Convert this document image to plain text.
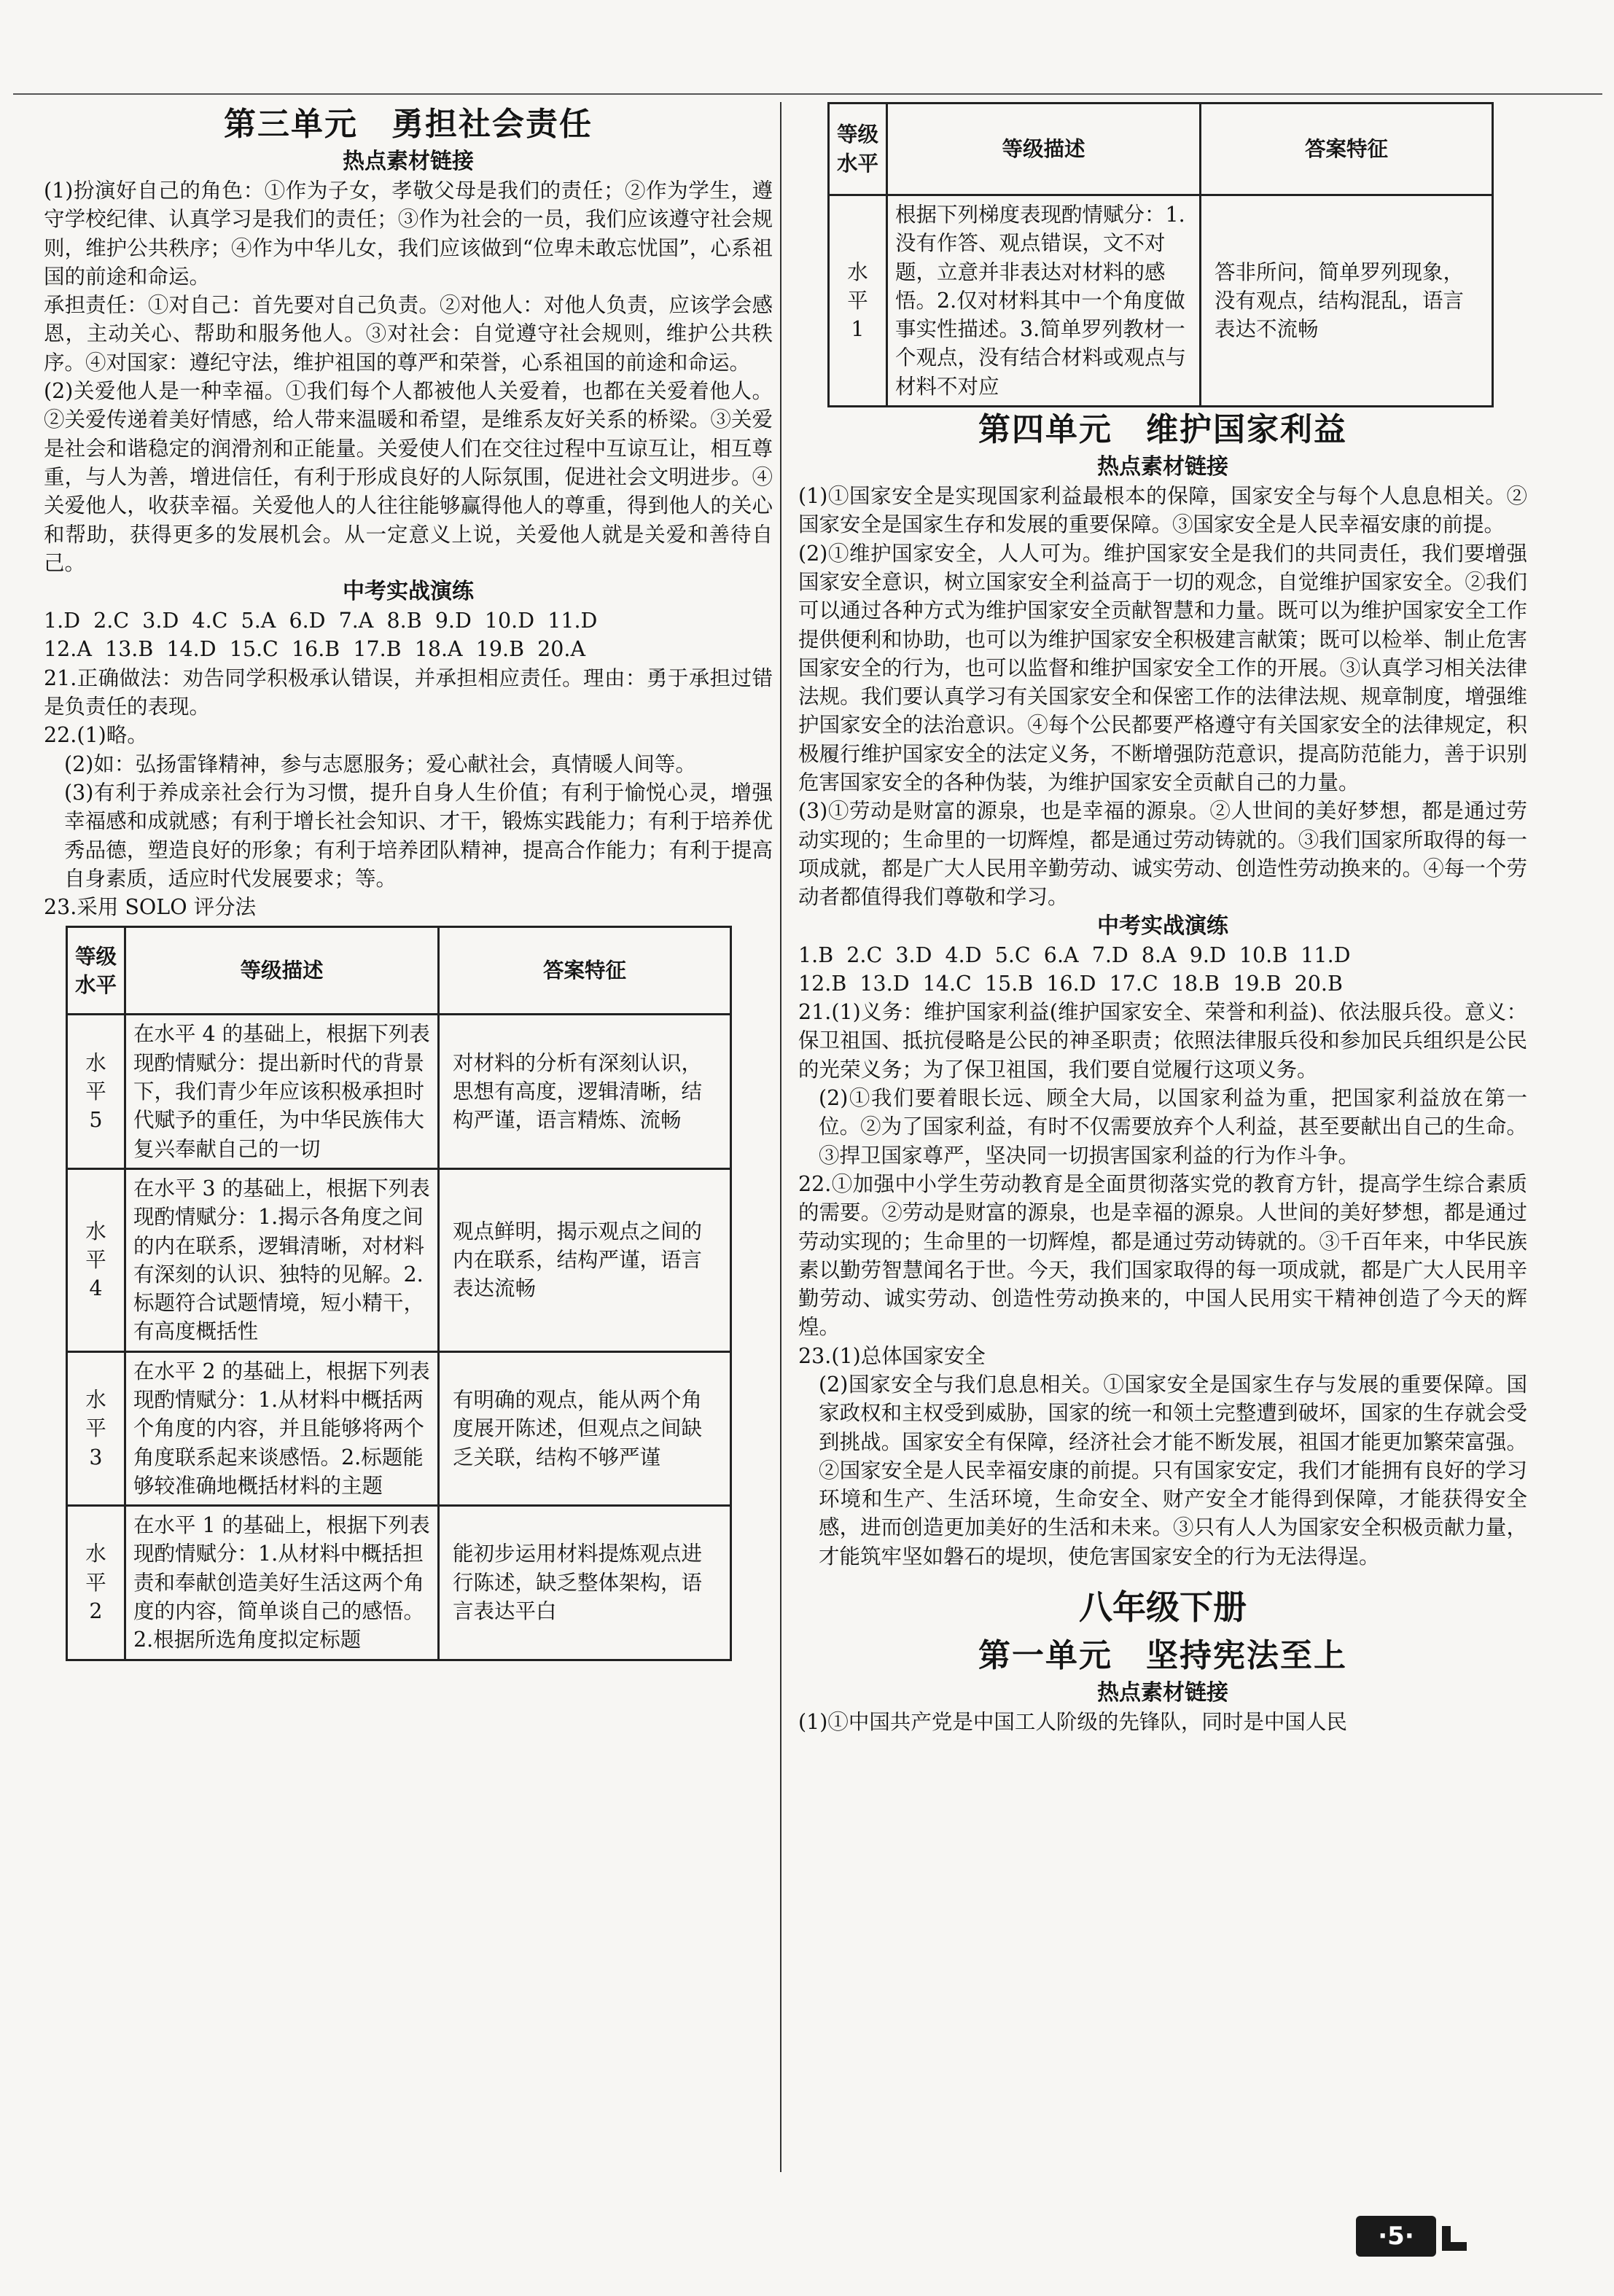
第三单元 勇担社会责任
热点素材链接

(1)扮演好自己的角色：①作为子女，孝敬父母是我们的责任；②作为学生，遵守学校纪律、认真学习是我们的责任；③作为社会的一员，我们应该遵守社会规则，维护公共秩序；④作为中华儿女，我们应该做到“位卑未敢忘忧国”，心系祖国的前途和命运。

承担责任：①对自己：首先要对自己负责。②对他人：对他人负责，应该学会感恩，主动关心、帮助和服务他人。③对社会：自觉遵守社会规则，维护公共秩序。④对国家：遵纪守法，维护祖国的尊严和荣誉，心系祖国的前途和命运。

(2)关爱他人是一种幸福。①我们每个人都被他人关爱着，也都在关爱着他人。②关爱传递着美好情感，给人带来温暖和希望，是维系友好关系的桥梁。③关爱是社会和谐稳定的润滑剂和正能量。关爱使人们在交往过程中互谅互让，相互尊重，与人为善，增进信任，有利于形成良好的人际氛围，促进社会文明进步。④关爱他人，收获幸福。关爱他人的人往往能够赢得他人的尊重，得到他人的关心和帮助，获得更多的发展机会。从一定意义上说，关爱他人就是关爱和善待自己。

中考实战演练

1.D  2.C  3.D  4.C  5.A  6.D  7.A  8.B  9.D  10.D  11.D

12.A  13.B  14.D  15.C  16.B  17.B  18.A  19.B  20.A

21.正确做法：劝告同学积极承认错误，并承担相应责任。理由：勇于承担过错是负责任的表现。

22.(1)略。

(2)如：弘扬雷锋精神，参与志愿服务；爱心献社会，真情暖人间等。

(3)有利于养成亲社会行为习惯，提升自身人生价值；有利于愉悦心灵，增强幸福感和成就感；有利于增长社会知识、才干，锻炼实践能力；有利于培养优秀品德，塑造良好的形象；有利于培养团队精神，提高合作能力；有利于提高自身素质，适应时代发展要求；等。

23.采用 SOLO 评分法

等级水平	等级描述	答案特征
水平5	在水平 4 的基础上，根据下列表现酌情赋分：提出新时代的背景下，我们青少年应该积极承担时代赋予的重任，为中华民族伟大复兴奉献自己的一切	对材料的分析有深刻认识，思想有高度，逻辑清晰，结构严谨，语言精炼、流畅
水平4	在水平 3 的基础上，根据下列表现酌情赋分：1.揭示各角度之间的内在联系，逻辑清晰，对材料有深刻的认识、独特的见解。2.标题符合试题情境，短小精干，有高度概括性	观点鲜明，揭示观点之间的内在联系，结构严谨，语言表达流畅
水平3	在水平 2 的基础上，根据下列表现酌情赋分：1.从材料中概括两个角度的内容，并且能够将两个角度联系起来谈感悟。2.标题能够较准确地概括材料的主题	有明确的观点，能从两个角度展开陈述，但观点之间缺乏关联，结构不够严谨
水平2	在水平 1 的基础上，根据下列表现酌情赋分：1.从材料中概括担责和奉献创造美好生活这两个角度的内容，简单谈自己的感悟。2.根据所选角度拟定标题	能初步运用材料提炼观点进行陈述，缺乏整体架构，语言表达平白
等级水平	等级描述	答案特征
水平1	根据下列梯度表现酌情赋分：1.没有作答、观点错误，文不对题，立意并非表达对材料的感悟。2.仅对材料其中一个角度做事实性描述。3.简单罗列教材一个观点，没有结合材料或观点与材料不对应	答非所问，简单罗列现象，没有观点，结构混乱，语言表达不流畅
第四单元 维护国家利益
热点素材链接

(1)①国家安全是实现国家利益最根本的保障，国家安全与每个人息息相关。②国家安全是国家生存和发展的重要保障。③国家安全是人民幸福安康的前提。

(2)①维护国家安全，人人可为。维护国家安全是我们的共同责任，我们要增强国家安全意识，树立国家安全利益高于一切的观念，自觉维护国家安全。②我们可以通过各种方式为维护国家安全贡献智慧和力量。既可以为维护国家安全工作提供便利和协助，也可以为维护国家安全积极建言献策；既可以检举、制止危害国家安全的行为，也可以监督和维护国家安全工作的开展。③认真学习相关法律法规。我们要认真学习有关国家安全和保密工作的法律法规、规章制度，增强维护国家安全的法治意识。④每个公民都要严格遵守有关国家安全的法律规定，积极履行维护国家安全的法定义务，不断增强防范意识，提高防范能力，善于识别危害国家安全的各种伪装，为维护国家安全贡献自己的力量。

(3)①劳动是财富的源泉，也是幸福的源泉。②人世间的美好梦想，都是通过劳动实现的；生命里的一切辉煌，都是通过劳动铸就的。③我们国家所取得的每一项成就，都是广大人民用辛勤劳动、诚实劳动、创造性劳动换来的。④每一个劳动者都值得我们尊敬和学习。

中考实战演练

1.B  2.C  3.D  4.D  5.C  6.A  7.D  8.A  9.D  10.B  11.D

12.B  13.D  14.C  15.B  16.D  17.C  18.B  19.B  20.B

21.(1)义务：维护国家利益(维护国家安全、荣誉和利益)、依法服兵役。意义：保卫祖国、抵抗侵略是公民的神圣职责；依照法律服兵役和参加民兵组织是公民的光荣义务；为了保卫祖国，我们要自觉履行这项义务。

(2)①我们要着眼长远、顾全大局，以国家利益为重，把国家利益放在第一位。②为了国家利益，有时不仅需要放弃个人利益，甚至要献出自己的生命。③捍卫国家尊严，坚决同一切损害国家利益的行为作斗争。

22.①加强中小学生劳动教育是全面贯彻落实党的教育方针，提高学生综合素质的需要。②劳动是财富的源泉，也是幸福的源泉。人世间的美好梦想，都是通过劳动实现的；生命里的一切辉煌，都是通过劳动铸就的。③千百年来，中华民族素以勤劳智慧闻名于世。今天，我们国家取得的每一项成就，都是广大人民用辛勤劳动、诚实劳动、创造性劳动换来的，中国人民用实干精神创造了今天的辉煌。

23.(1)总体国家安全

(2)国家安全与我们息息相关。①国家安全是国家生存与发展的重要保障。国家政权和主权受到威胁，国家的统一和领土完整遭到破坏，国家的生存就会受到挑战。国家安全有保障，经济社会才能不断发展，祖国才能更加繁荣富强。②国家安全是人民幸福安康的前提。只有国家安定，我们才能拥有良好的学习环境和生产、生活环境，生命安全、财产安全才能得到保障，才能获得安全感，进而创造更加美好的生活和未来。③只有人人为国家安全积极贡献力量，才能筑牢坚如磐石的堤坝，使危害国家安全的行为无法得逞。

八年级下册
第一单元 坚持宪法至上
热点素材链接

(1)①中国共产党是中国工人阶级的先锋队，同时是中国人民

·5·
